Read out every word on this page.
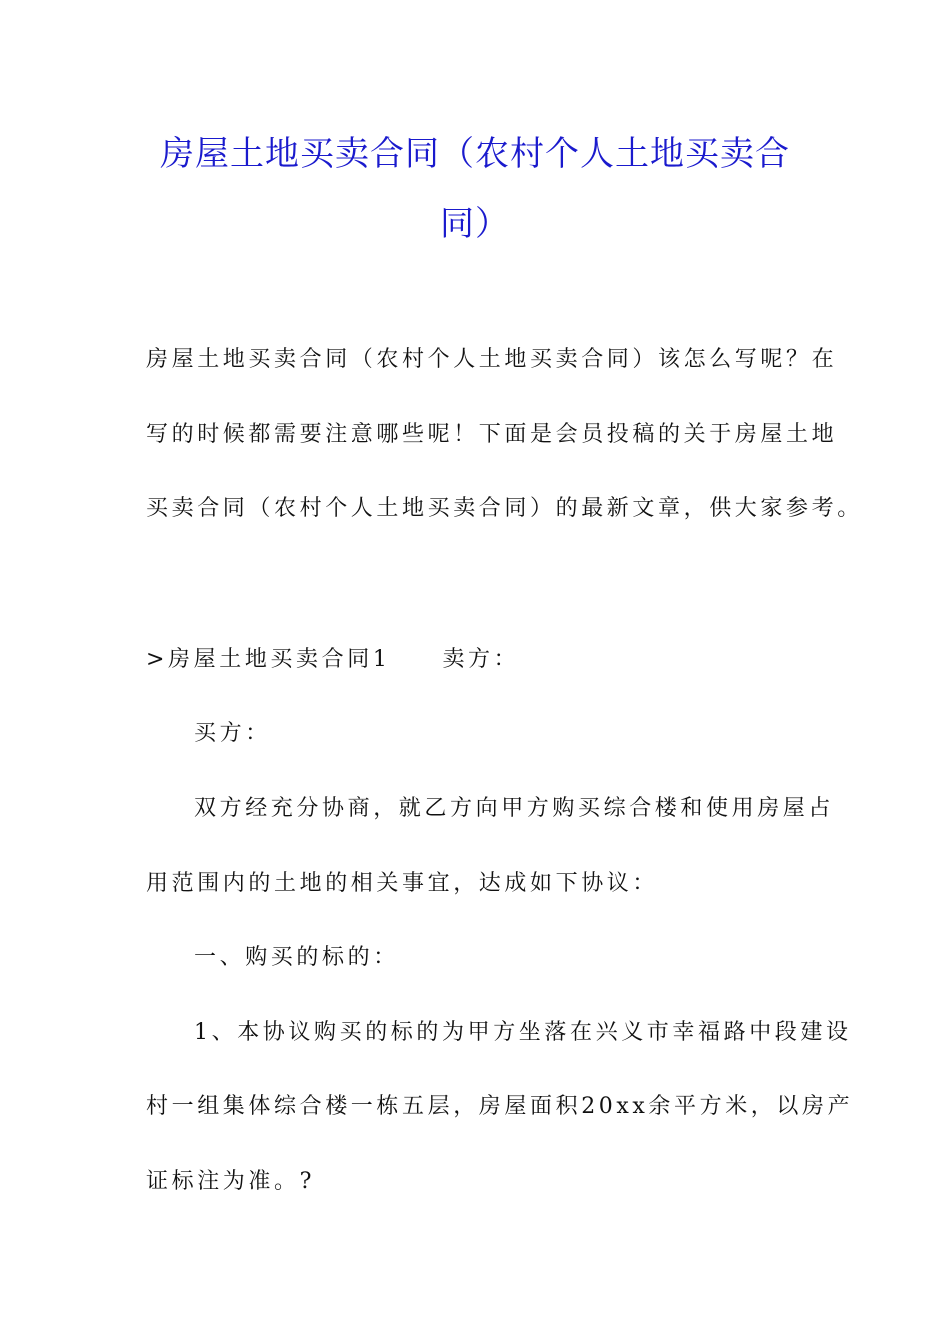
房屋土地买卖合同（农村个人土地买卖合
同）
房屋土地买卖合同（农村个人土地买卖合同）该怎么写呢？在
写的时候都需要注意哪些呢！下面是会员投稿的关于房屋土地
买卖合同（农村个人土地买卖合同）的最新文章，供大家参考。
>房屋土地买卖合同1 卖方：
买方：
双方经充分协商，就乙方向甲方购买综合楼和使用房屋占
用范围内的土地的相关事宜，达成如下协议：
一、购买的标的：
1、本协议购买的标的为甲方坐落在兴义市幸福路中段建设
村一组集体综合楼一栋五层，房屋面积20xx余平方米，以房产
证标注为准。?
